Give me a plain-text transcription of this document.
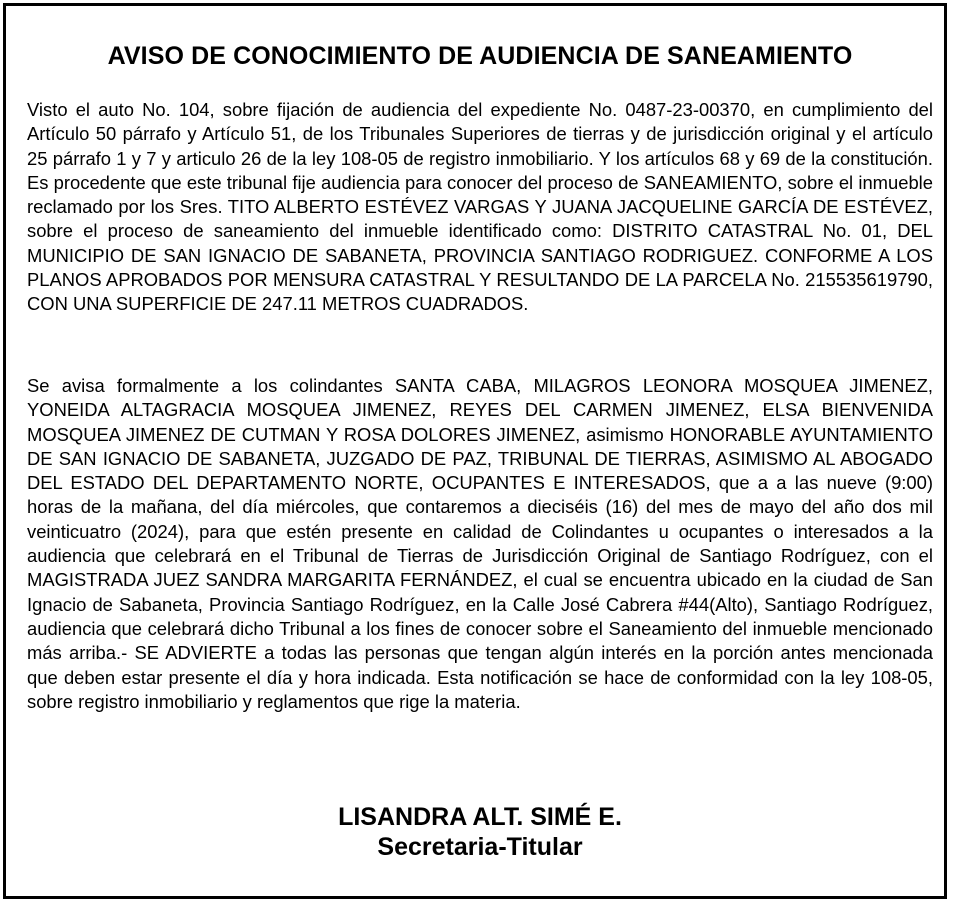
AVISO DE CONOCIMIENTO DE AUDIENCIA DE SANEAMIENTO
Visto el auto No. 104, sobre fijación de audiencia del expediente No. 0487-23-00370, en cumplimiento del Artículo 50 párrafo y Artículo 51, de los Tribunales Superiores de tierras y de jurisdicción original y el artículo 25 párrafo 1 y 7 y articulo 26 de la ley 108-05 de registro inmobiliario. Y los artículos 68 y 69 de la constitución. Es procedente que este tribunal fije audiencia para conocer del proceso de SANEAMIENTO, sobre el inmueble reclamado por los Sres. TITO ALBERTO ESTÉVEZ VARGAS Y JUANA JACQUELINE GARCÍA DE ESTÉVEZ, sobre el proceso de saneamiento del inmueble identificado como: DISTRITO CATASTRAL No. 01, DEL MUNICIPIO DE SAN IGNACIO DE SABANETA, PROVINCIA SANTIAGO RODRIGUEZ. CONFORME A LOS PLANOS APROBADOS POR MENSURA CATASTRAL Y RESULTANDO DE LA PARCELA No. 215535619790, CON UNA SUPERFICIE DE 247.11 METROS CUADRADOS.
Se avisa formalmente a los colindantes SANTA CABA, MILAGROS LEONORA MOSQUEA JIMENEZ, YONEIDA ALTAGRACIA MOSQUEA JIMENEZ, REYES DEL CARMEN JIMENEZ, ELSA BIENVENIDA MOSQUEA JIMENEZ DE CUTMAN Y ROSA DOLORES JIMENEZ, asimismo HONORABLE AYUNTAMIENTO DE SAN IGNACIO DE SABANETA, JUZGADO DE PAZ, TRIBUNAL DE TIERRAS, ASIMISMO AL ABOGADO DEL ESTADO DEL DEPARTAMENTO NORTE, OCUPANTES E INTERESADOS, que a a las nueve (9:00) horas de la mañana, del día miércoles, que contaremos a dieciséis (16) del mes de mayo del año dos mil veinticuatro (2024), para que estén presente en calidad de Colindantes u ocupantes o interesados a la audiencia que celebrará en el Tribunal de Tierras de Jurisdicción Original de Santiago Rodríguez, con el MAGISTRADA JUEZ SANDRA MARGARITA FERNÁNDEZ, el cual se encuentra ubicado en la ciudad de San Ignacio de Sabaneta, Provincia Santiago Rodríguez, en la Calle José Cabrera #44(Alto), Santiago Rodríguez, audiencia que celebrará dicho Tribunal a los fines de conocer sobre el Saneamiento del inmueble mencionado más arriba.- SE ADVIERTE a todas las personas que tengan algún interés en la porción antes mencionada que deben estar presente el día y hora indicada. Esta notificación se hace de conformidad con la ley 108-05, sobre registro inmobiliario y reglamentos que rige la materia.
LISANDRA ALT. SIMÉ E.
Secretaria-Titular
